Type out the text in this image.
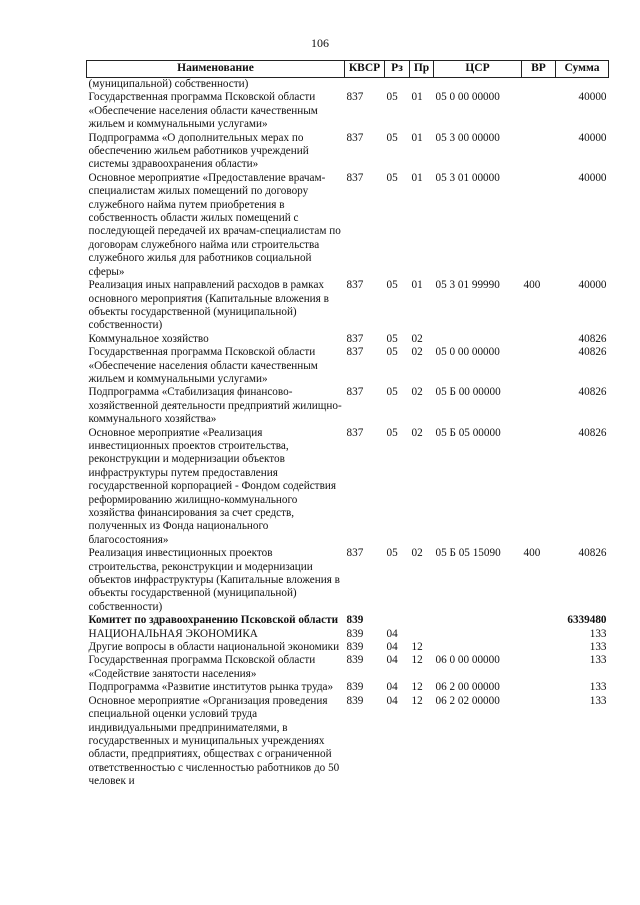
106
Наименование	КВСР	Рз	Пр	ЦСР	ВР	Сумма
(муниципальной) собственности)						
Государственная программа Псковской области «Обеспечение населения области качественным жильем и коммунальными услугами»	837	05	01	05 0 00 00000		40000
Подпрограмма «О дополнительных мерах по обеспечению жильем работников учреждений системы здравоохранения области»	837	05	01	05 3 00 00000		40000
Основное мероприятие «Предоставление врачам-специалистам жилых помещений по договору служебного найма путем приобретения в собственность области жилых помещений с последующей передачей их врачам-специалистам по договорам служебного найма или строительства служебного жилья для работников социальной сферы»	837	05	01	05 3 01 00000		40000
Реализация иных направлений расходов в рамках основного мероприятия (Капитальные вложения в объекты государственной (муниципальной) собственности)	837	05	01	05 3 01 99990	400	40000
Коммунальное хозяйство	837	05	02			40826
Государственная программа Псковской области «Обеспечение населения области качественным жильем и коммунальными услугами»	837	05	02	05 0 00 00000		40826
Подпрограмма «Стабилизация финансово-хозяйственной деятельности предприятий жилищно-коммунального хозяйства»	837	05	02	05 Б 00 00000		40826
Основное мероприятие «Реализация инвестиционных проектов строительства, реконструкции и модернизации объектов инфраструктуры путем предоставления государственной корпорацией - Фондом содействия реформированию жилищно-коммунального хозяйства финансирования за счет средств, полученных из Фонда национального благосостояния»	837	05	02	05 Б 05 00000		40826
Реализация инвестиционных проектов строительства, реконструкции и модернизации объектов инфраструктуры (Капитальные вложения в объекты государственной (муниципальной) собственности)	837	05	02	05 Б 05 15090	400	40826
Комитет по здравоохранению Псковской области	839					6339480
НАЦИОНАЛЬНАЯ ЭКОНОМИКА	839	04				133
Другие вопросы в области национальной экономики	839	04	12			133
Государственная программа Псковской области «Содействие занятости населения»	839	04	12	06 0 00 00000		133
Подпрограмма «Развитие институтов рынка труда»	839	04	12	06 2 00 00000		133
Основное мероприятие «Организация проведения специальной оценки условий труда индивидуальными предпринимателями, в государственных и муниципальных учреждениях области, предприятиях, обществах с ограниченной ответственностью с численностью работников до 50 человек и	839	04	12	06 2 02 00000		133
